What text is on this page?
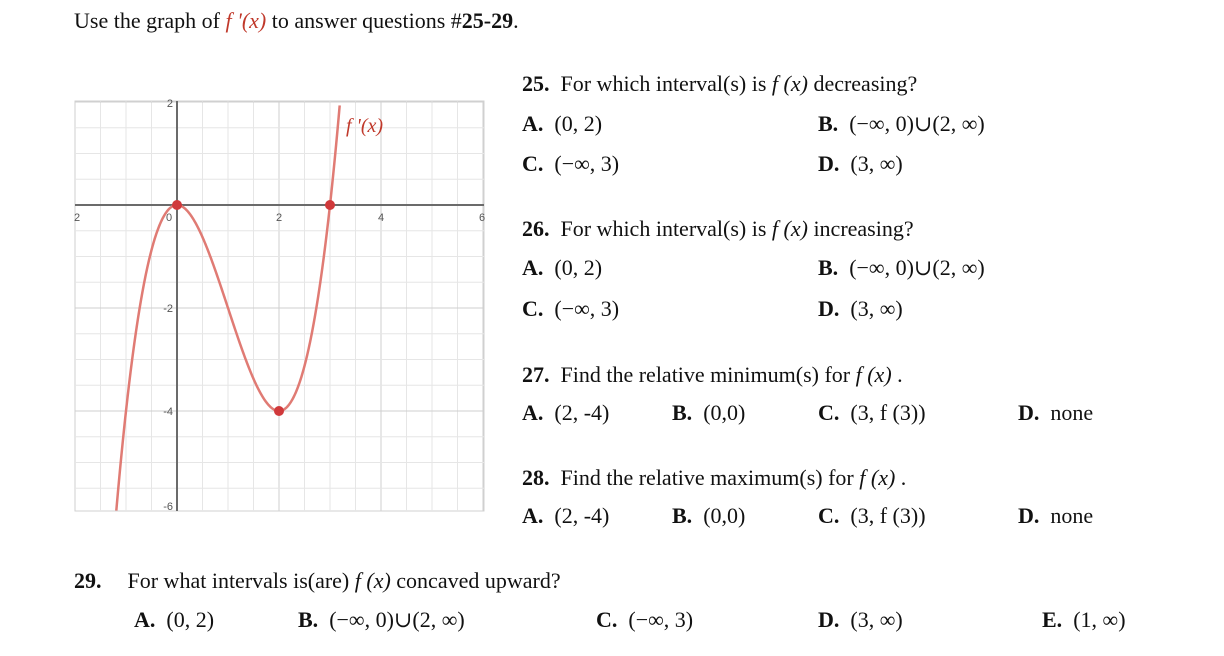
Use the graph of f '(x) to answer questions #25-29.
2	0	2	4	6
2
-2
-4
-6
f '(x)
25. For which interval(s) is f (x) decreasing?
A. (0, 2)	B. (−∞, 0)∪(2, ∞)
C. (−∞, 3)	D. (3, ∞)
26. For which interval(s) is f (x) increasing?
A. (0, 2)	B. (−∞, 0)∪(2, ∞)
C. (−∞, 3)	D. (3, ∞)
27. Find the relative minimum(s) for f (x) .
A. (2, -4)	B. (0,0)	C. (3, f (3))	D. none
28. Find the relative maximum(s) for f (x) .
A. (2, -4)	B. (0,0)	C. (3, f (3))	D. none
29. For what intervals is(are) f (x) concaved upward?
A. (0, 2)	B. (−∞, 0)∪(2, ∞)	C. (−∞, 3)	D. (3, ∞)	E. (1, ∞)
